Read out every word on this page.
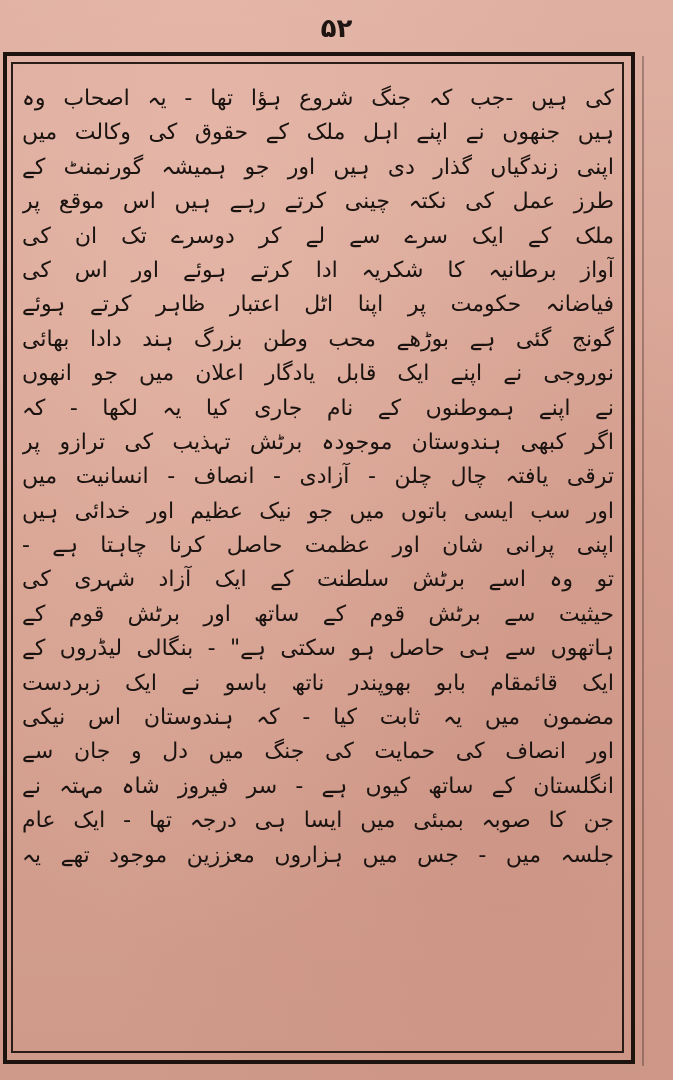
۵۲
کی ہیں -جب کہ جنگ شروع ہؤا تھا - یہ اصحاب وہ
ہیں جنھوں نے اپنے اہل ملک کے حقوق کی وکالت میں
اپنی زندگیاں گذار دی ہیں اور جو ہمیشہ گورنمنٹ کے
طرز عمل کی نکتہ چینی کرتے رہے ہیں اس موقع پر
ملک کے ایک سرے سے لے کر دوسرے تک ان کی
آواز برطانیہ کا شکریہ ادا کرتے ہوئے اور اس کی
فیاضانہ حکومت پر اپنا اٹل اعتبار ظاہر کرتے ہوئے
گونج گئی ہے بوڑھے محب وطن بزرگ ہند دادا بھائی
نوروجی نے اپنے ایک قابل یادگار اعلان میں جو انھوں
نے اپنے ہموطنوں کے نام جاری کیا یہ لکھا - کہ
اگر کبھی ہندوستان موجودہ برٹش تہذیب کی ترازو پر
ترقی یافتہ چال چلن - آزادی - انصاف - انسانیت میں
اور سب ایسی باتوں میں جو نیک عظیم اور خدائی ہیں
اپنی پرانی شان اور عظمت حاصل کرنا چاہتا ہے -
تو وہ اسے برٹش سلطنت کے ایک آزاد شہری کی
حیثیت سے برٹش قوم کے ساتھ اور برٹش قوم کے
ہاتھوں سے ہی حاصل ہو سکتی ہے" - بنگالی لیڈروں کے
ایک قائمقام بابو بھوپندر ناتھ باسو نے ایک زبردست
مضمون میں یہ ثابت کیا - کہ ہندوستان اس نیکی
اور انصاف کی حمایت کی جنگ میں دل و جان سے
انگلستان کے ساتھ کیوں ہے - سر فیروز شاہ مہتہ نے
جن کا صوبہ بمبئی میں ایسا ہی درجہ تھا - ایک عام
جلسہ میں - جس میں ہزاروں معززین موجود تھے یہ
